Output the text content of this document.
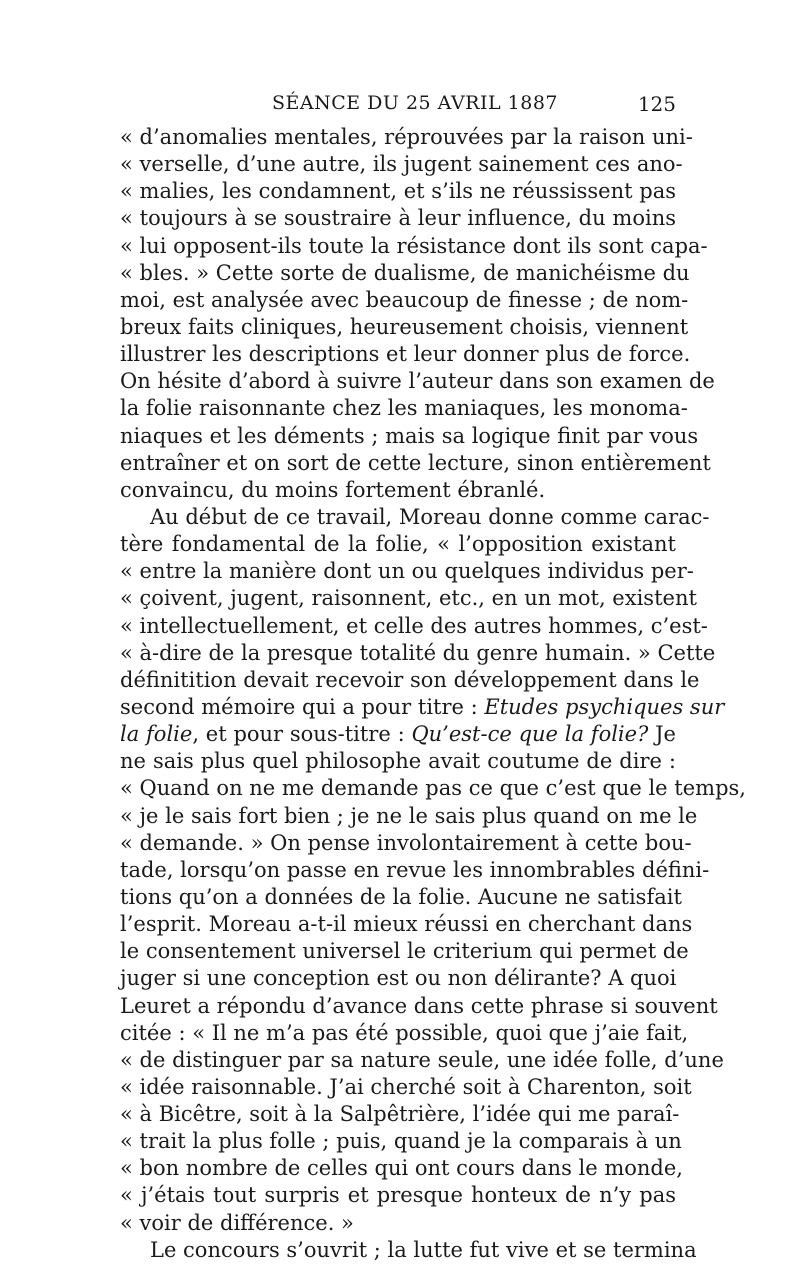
SÉANCE DU 25 AVRIL 1887	125
« d’anomalies mentales, réprouvées par la raison uni-
« verselle, d’une autre, ils jugent sainement ces ano-
« malies, les condamnent, et s’ils ne réussissent pas
« toujours à se soustraire à leur influence, du moins
« lui opposent-ils toute la résistance dont ils sont capa-
« bles. » Cette sorte de dualisme, de manichéisme du
moi, est analysée avec beaucoup de finesse ; de nom-
breux faits cliniques, heureusement choisis, viennent
illustrer les descriptions et leur donner plus de force.
On hésite d’abord à suivre l’auteur dans son examen de
la folie raisonnante chez les maniaques, les monoma-
niaques et les déments ; mais sa logique finit par vous
entraîner et on sort de cette lecture, sinon entièrement
convaincu, du moins fortement ébranlé.
Au début de ce travail, Moreau donne comme carac-
tère fondamental de la folie, « l’opposition existant
« entre la manière dont un ou quelques individus per-
« çoivent, jugent, raisonnent, etc., en un mot, existent
« intellectuellement, et celle des autres hommes, c’est-
« à-dire de la presque totalité du genre humain. » Cette
définitition devait recevoir son développement dans le
second mémoire qui a pour titre : Etudes psychiques sur
la folie, et pour sous-titre : Qu’est-ce que la folie? Je
ne sais plus quel philosophe avait coutume de dire :
« Quand on ne me demande pas ce que c’est que le temps,
« je le sais fort bien ; je ne le sais plus quand on me le
« demande. » On pense involontairement à cette bou-
tade, lorsqu’on passe en revue les innombrables défini-
tions qu’on a données de la folie. Aucune ne satisfait
l’esprit. Moreau a-t-il mieux réussi en cherchant dans
le consentement universel le criterium qui permet de
juger si une conception est ou non délirante? A quoi
Leuret a répondu d’avance dans cette phrase si souvent
citée : « Il ne m’a pas été possible, quoi que j’aie fait,
« de distinguer par sa nature seule, une idée folle, d’une
« idée raisonnable. J’ai cherché soit à Charenton, soit
« à Bicêtre, soit à la Salpêtrière, l’idée qui me paraî-
« trait la plus folle ; puis, quand je la comparais à un
« bon nombre de celles qui ont cours dans le monde,
« j’étais tout surpris et presque honteux de n’y pas
« voir de différence. »
Le concours s’ouvrit ; la lutte fut vive et se termina
